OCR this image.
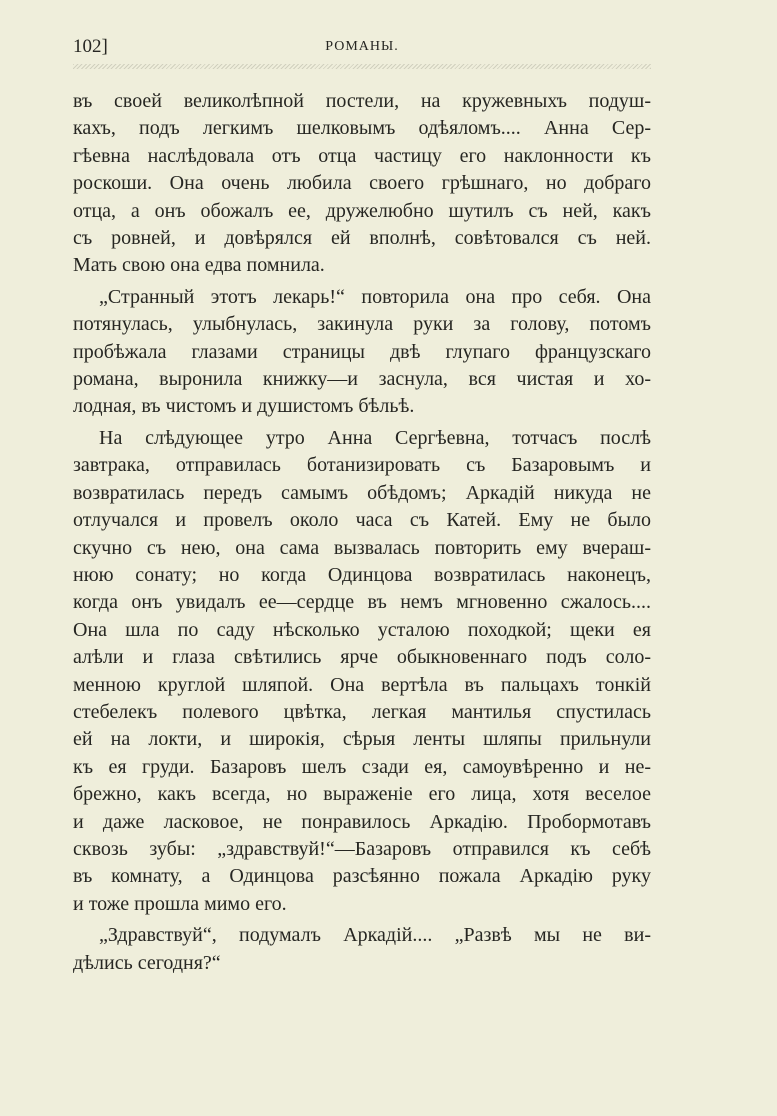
102]	РОМАНЫ.
въ своей великолѣпной постели, на кружевныхъ подуш-
кахъ, подъ легкимъ шелковымъ одѣяломъ.... Анна Сер-
гѣевна наслѣдовала отъ отца частицу его наклонности къ
роскоши. Она очень любила своего грѣшнаго, но добраго
отца, а онъ обожалъ ее, дружелюбно шутилъ съ ней, какъ
съ ровней, и довѣрялся ей вполнѣ, совѣтовался съ ней.
Мать свою она едва помнила.
„Странный этотъ лекарь!“ повторила она про себя. Она
потянулась, улыбнулась, закинула руки за голову, потомъ
пробѣжала глазами страницы двѣ глупаго французскаго
романа, выронила книжку—и заснула, вся чистая и хо-
лодная, въ чистомъ и душистомъ бѣльѣ.
На слѣдующее утро Анна Сергѣевна, тотчасъ послѣ
завтрака, отправилась ботанизировать съ Базаровымъ и
возвратилась передъ самымъ обѣдомъ; Аркадій никуда не
отлучался и провелъ около часа съ Катей. Ему не было
скучно съ нею, она сама вызвалась повторить ему вчераш-
нюю сонату; но когда Одинцова возвратилась наконецъ,
когда онъ увидалъ ее—сердце въ немъ мгновенно сжалось....
Она шла по саду нѣсколько усталою походкой; щеки ея
алѣли и глаза свѣтились ярче обыкновеннаго подъ соло-
менною круглой шляпой. Она вертѣла въ пальцахъ тонкій
стебелекъ полевого цвѣтка, легкая мантилья спустилась
ей на локти, и широкія, сѣрыя ленты шляпы прильнули
къ ея груди. Базаровъ шелъ сзади ея, самоувѣренно и не-
брежно, какъ всегда, но выраженіе его лица, хотя веселое
и даже ласковое, не понравилось Аркадію. Пробормотавъ
сквозь зубы: „здравствуй!“—Базаровъ отправился къ себѣ
въ комнату, а Одинцова разсѣянно пожала Аркадію руку
и тоже прошла мимо его.
„Здравствуй“, подумалъ Аркадій.... „Развѣ мы не ви-
дѣлись сегодня?“
